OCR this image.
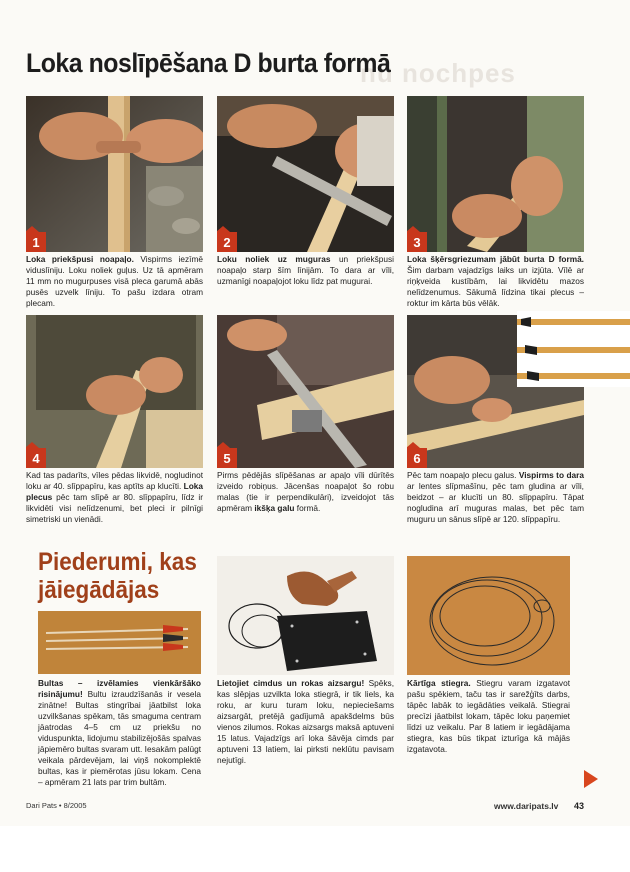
nu nochpes
Loka noslīpēšana D burta formā
1	2	3
Loka priekšpusi noapaļo. Vispirms iezīmē viduslīniju. Loku noliek guļus. Uz tā apmēram 11 mm no mugurpuses visā pleca garumā abās pusēs uzvelk līniju. To pašu izdara otram plecam.
Loku noliek uz muguras un priekšpusi noapaļo starp šīm līnijām. To dara ar vīli, uzmanīgi noapaļojot loku līdz pat mugurai.
Loka šķērsgriezumam jābūt burta D formā. Šim darbam vajadzīgs laiks un izjūta. Vīlē ar riņķveida kustībām, lai likvidētu mazos nelīdzenumus. Sākumā līdzina tikai plecus – roktur im kārta būs vēlāk.
4	5	6
Kad tas padarīts, vīles pēdas likvidē, nogludinot loku ar 40. slīppapīru, kas aptīts ap klucīti. Loka plecus pēc tam slīpē ar 80. slīppapīru, līdz ir likvidēti visi nelīdzenumi, bet pleci ir pilnīgi simetriski un vienādi.
Pirms pēdējās slīpēšanas ar apaļo vīli dūrītēs izveido robiņus. Jācenšas noapaļot šo robu malas (tie ir perpendikulāri), izveidojot tās apmēram ikšķa galu formā.
Pēc tam noapaļo plecu galus. Vispirms to dara ar lentes slīpmašīnu, pēc tam gludina ar vīli, beidzot – ar klucīti un 80. slīppapīru. Tāpat nogludina arī muguras malas, bet pēc tam muguru un sānus slīpē ar 120. slīppapīru.
Piederumi, kas
jāiegādājas
Bultas – izvēlamies vienkāršāko risinājumu! Bultu izraudzīšanās ir vesela zinātne! Bultas stingrībai jāatbilst loka uzvilkšanas spēkam, tās smaguma centram jāatrodas 4–5 cm uz priekšu no viduspunkta, lidojumu stabilizējošās spalvas jāpiemēro bultas svaram utt. Iesakām palūgt veikala pārdevējam, lai viņš nokomplektē bultas, kas ir piemērotas jūsu lokam. Cena – apmēram 21 lats par trim bultām.
Lietojiet cimdus un rokas aizsargu! Spēks, kas slēpjas uzvilkta loka stiegrā, ir tik liels, ka roku, ar kuru turam loku, nepieciešams aizsargāt, pretējā gadījumā apakšdelms būs vienos zilumos. Rokas aizsargs maksā aptuveni 15 latus. Vajadzīgs arī loka šāvēja cimds par aptuveni 13 latiem, lai pirksti neklūtu pavisam nejutīgi.
Kārtīga stiegra. Stiegru varam izgatavot pašu spēkiem, taču tas ir sarežģīts darbs, tāpēc labāk to iegādāties veikalā. Stiegrai precīzi jāatbilst lokam, tāpēc loku paņemiet līdzi uz veikalu. Par 8 latiem ir iegādājama stiegra, kas būs tikpat izturīga kā mājās izgatavota.
Dari Pats • 8/2005	www.daripats.lv 43
